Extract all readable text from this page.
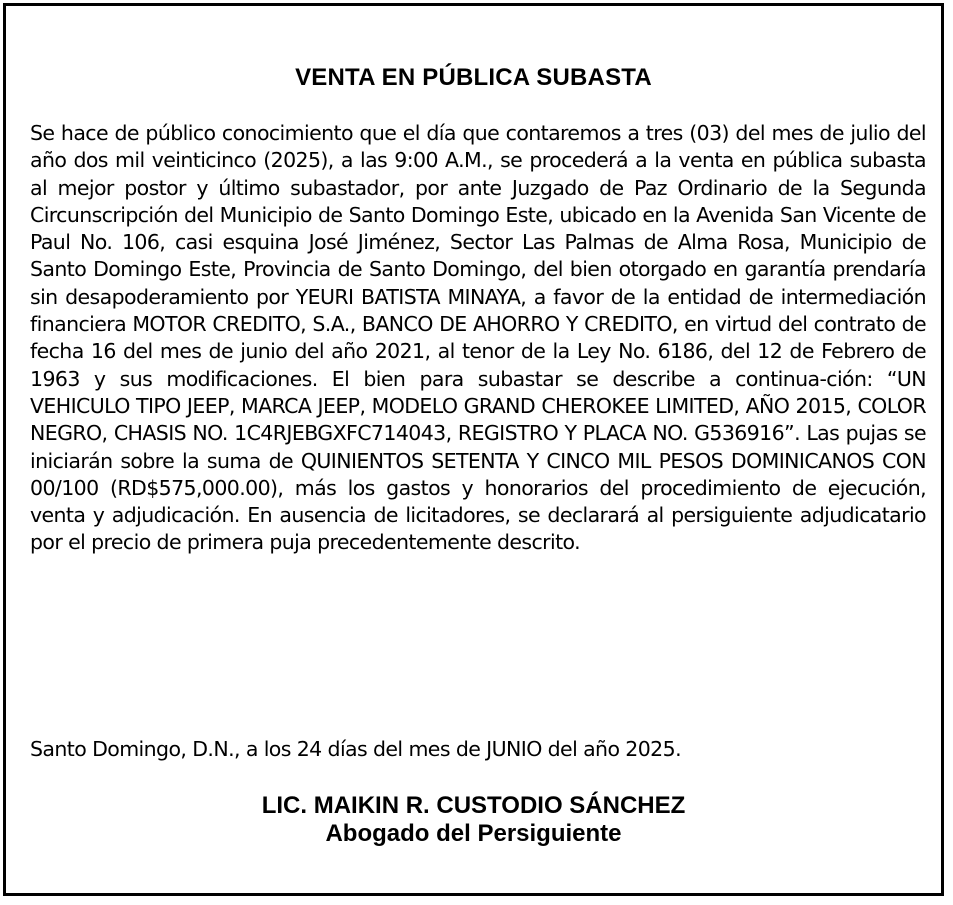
VENTA EN PÚBLICA SUBASTA
Se hace de público conocimiento que el día que contaremos a tres (03) del mes de julio del año dos mil veinticinco (2025), a las 9:00 A.M., se procederá a la venta en pública subasta al mejor postor y último subastador, por ante Juzgado de Paz Ordinario de la Segunda Circunscripción del Municipio de Santo Domingo Este, ubicado en la Avenida San Vicente de Paul No. 106, casi esquina José Jiménez, Sector Las Palmas de Alma Rosa, Municipio de Santo Domingo Este, Provincia de Santo Domingo, del bien otorgado en garantía prendaría sin desapoderamiento por YEURI BATISTA MINAYA, a favor de la entidad de intermediación financiera MOTOR CREDITO, S.A., BANCO DE AHORRO Y CREDITO, en virtud del contrato de fecha 16 del mes de junio del año 2021, al tenor de la Ley No. 6186, del 12 de Febrero de 1963 y sus modificaciones. El bien para subastar se describe a continua-ción: “UN VEHICULO TIPO JEEP, MARCA JEEP, MODELO GRAND CHEROKEE LIMITED, AÑO 2015, COLOR NEGRO, CHASIS NO. 1C4RJEBGXFC714043, REGISTRO Y PLACA NO. G536916”. Las pujas se iniciarán sobre la suma de QUINIENTOS SETENTA Y CINCO MIL PESOS DOMINICANOS CON 00/100 (RD$575,000.00), más los gastos y honorarios del procedimiento de ejecución, venta y adjudicación. En ausencia de licitadores, se declarará al persiguiente adjudicatario por el precio de primera puja precedentemente descrito.
Santo Domingo, D.N., a los 24 días del mes de JUNIO del año 2025.
LIC. MAIKIN R. CUSTODIO SÁNCHEZ
Abogado del Persiguiente
